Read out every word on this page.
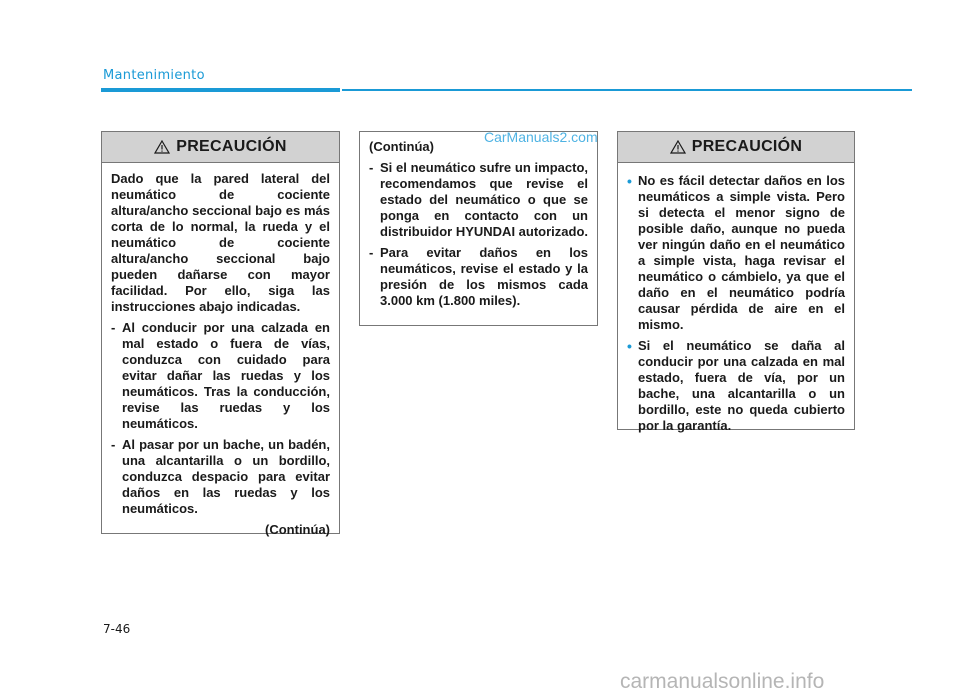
Mantenimiento
PRECAUCIÓN

Dado que la pared lateral del neumático de cociente altura/ancho seccional bajo es más corta de lo normal, la rueda y el neumático de cociente altura/ancho seccional bajo pueden dañarse con mayor facilidad. Por ello, siga las instrucciones abajo indicadas.

- Al conducir por una calzada en mal estado o fuera de vías, conduzca con cuidado para evitar dañar las ruedas y los neumáticos. Tras la conducción, revise las ruedas y los neumáticos.
- Al pasar por un bache, un badén, una alcantarilla o un bordillo, conduzca despacio para evitar daños en las ruedas y los neumáticos.
(Continúa)

(Continúa)

- Si el neumático sufre un impacto, recomendamos que revise el estado del neumático o que se ponga en contacto con un distribuidor HYUNDAI autorizado.
- Para evitar daños en los neumáticos, revise el estado y la presión de los mismos cada 3.000 km (1.800 miles).
CarManuals2.com
PRECAUCIÓN
• No es fácil detectar daños en los neumáticos a simple vista. Pero si detecta el menor signo de posible daño, aunque no pueda ver ningún daño en el neumático a simple vista, haga revisar el neumático o cámbielo, ya que el daño en el neumático podría causar pérdida de aire en el mismo.
• Si el neumático se daña al conducir por una calzada en mal estado, fuera de vía, por un bache, una alcantarilla o un bordillo, este no queda cubierto por la garantía.
7-46
carmanualsonline.info
